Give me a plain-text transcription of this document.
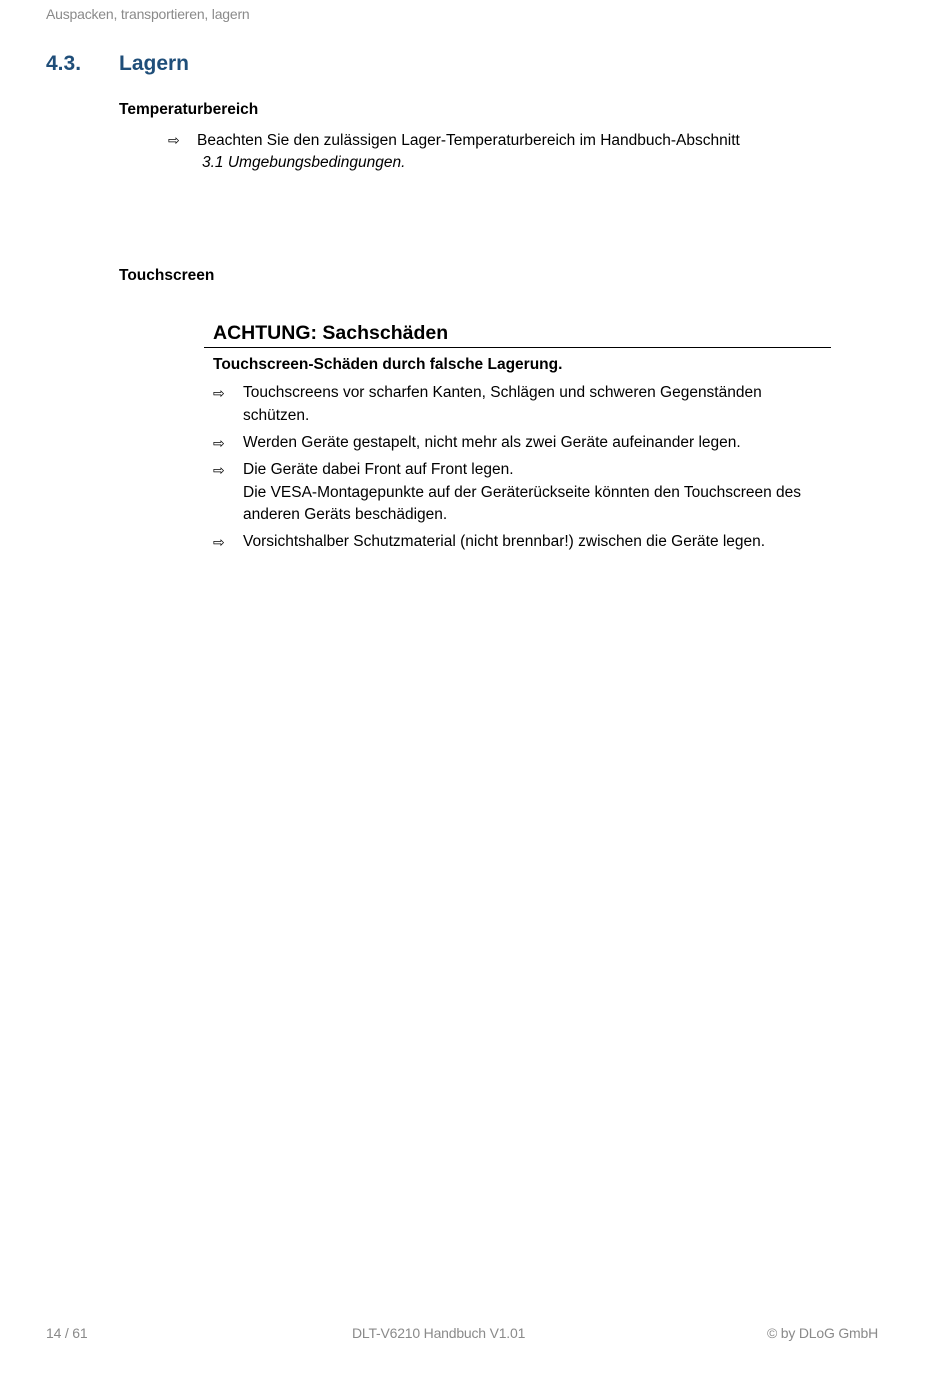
Auspacken, transportieren, lagern
4.3. Lagern
Temperaturbereich
⇨ Beachten Sie den zulässigen Lager-Temperaturbereich im Handbuch-Abschnitt
3.1 Umgebungsbedingungen.
Touchscreen
ACHTUNG: Sachschäden
Touchscreen-Schäden durch falsche Lagerung.
⇨ Touchscreens vor scharfen Kanten, Schlägen und schweren Gegenständen
schützen.
⇨ Werden Geräte gestapelt, nicht mehr als zwei Geräte aufeinander legen.
⇨ Die Geräte dabei Front auf Front legen.
Die VESA-Montagepunkte auf der Geräterückseite könnten den Touchscreen des
anderen Geräts beschädigen.
⇨ Vorsichtshalber Schutzmaterial (nicht brennbar!) zwischen die Geräte legen.
14 / 61	DLT-V6210 Handbuch V1.01	© by DLoG GmbH
